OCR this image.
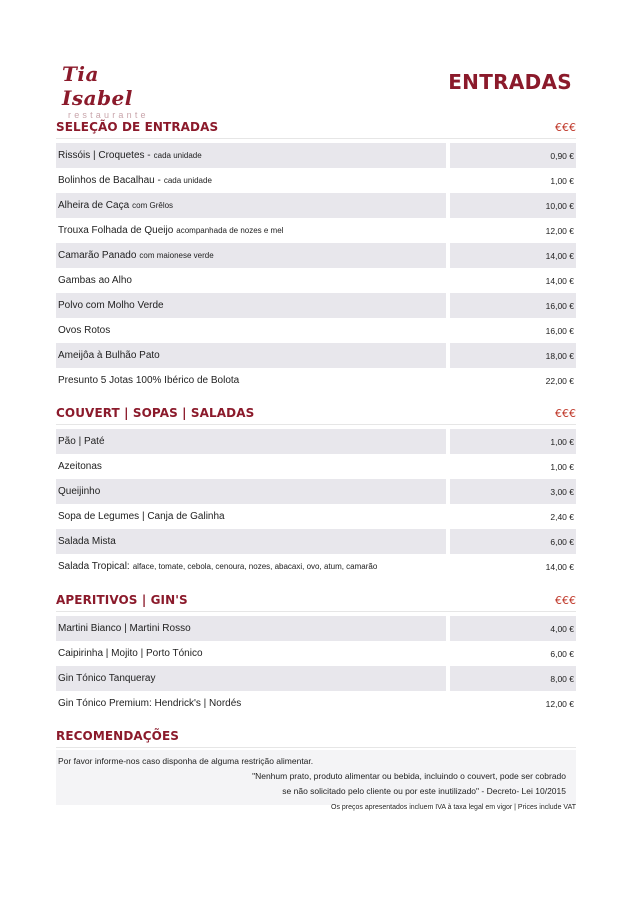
Tia Isabel
restaurante
ENTRADAS
SELEÇÃO DE ENTRADAS	€€€
Rissóis | Croquetes - cada unidade	0,90 €
Bolinhos de Bacalhau - cada unidade	1,00 €
Alheira de Caça com Grêlos	10,00 €
Trouxa Folhada de Queijo acompanhada de nozes e mel	12,00 €
Camarão Panado com maionese verde	14,00 €
Gambas ao Alho	14,00 €
Polvo com Molho Verde	16,00 €
Ovos Rotos	16,00 €
Ameijôa à Bulhão Pato	18,00 €
Presunto 5 Jotas 100% Ibérico de Bolota	22,00 €
COUVERT | SOPAS | SALADAS	€€€
Pão | Paté	1,00 €
Azeitonas	1,00 €
Queijinho	3,00 €
Sopa de Legumes | Canja de Galinha	2,40 €
Salada Mista	6,00 €
Salada Tropical: alface, tomate, cebola, cenoura, nozes, abacaxi, ovo, atum, camarão	14,00 €
APERITIVOS | GIN'S	€€€
Martini Bianco | Martini Rosso	4,00 €
Caipirinha | Mojito | Porto Tónico	6,00 €
Gin Tónico Tanqueray	8,00 €
Gin Tónico Premium: Hendrick's | Nordés	12,00 €
RECOMENDAÇÕES
Por favor informe-nos caso disponha de alguma restrição alimentar.
"Nenhum prato, produto alimentar ou bebida, incluindo o couvert, pode ser cobrado
se não solicitado pelo cliente ou por este inutilizado" - Decreto- Lei 10/2015
Os preços apresentados incluem IVA à taxa legal em vigor | Prices include VAT
